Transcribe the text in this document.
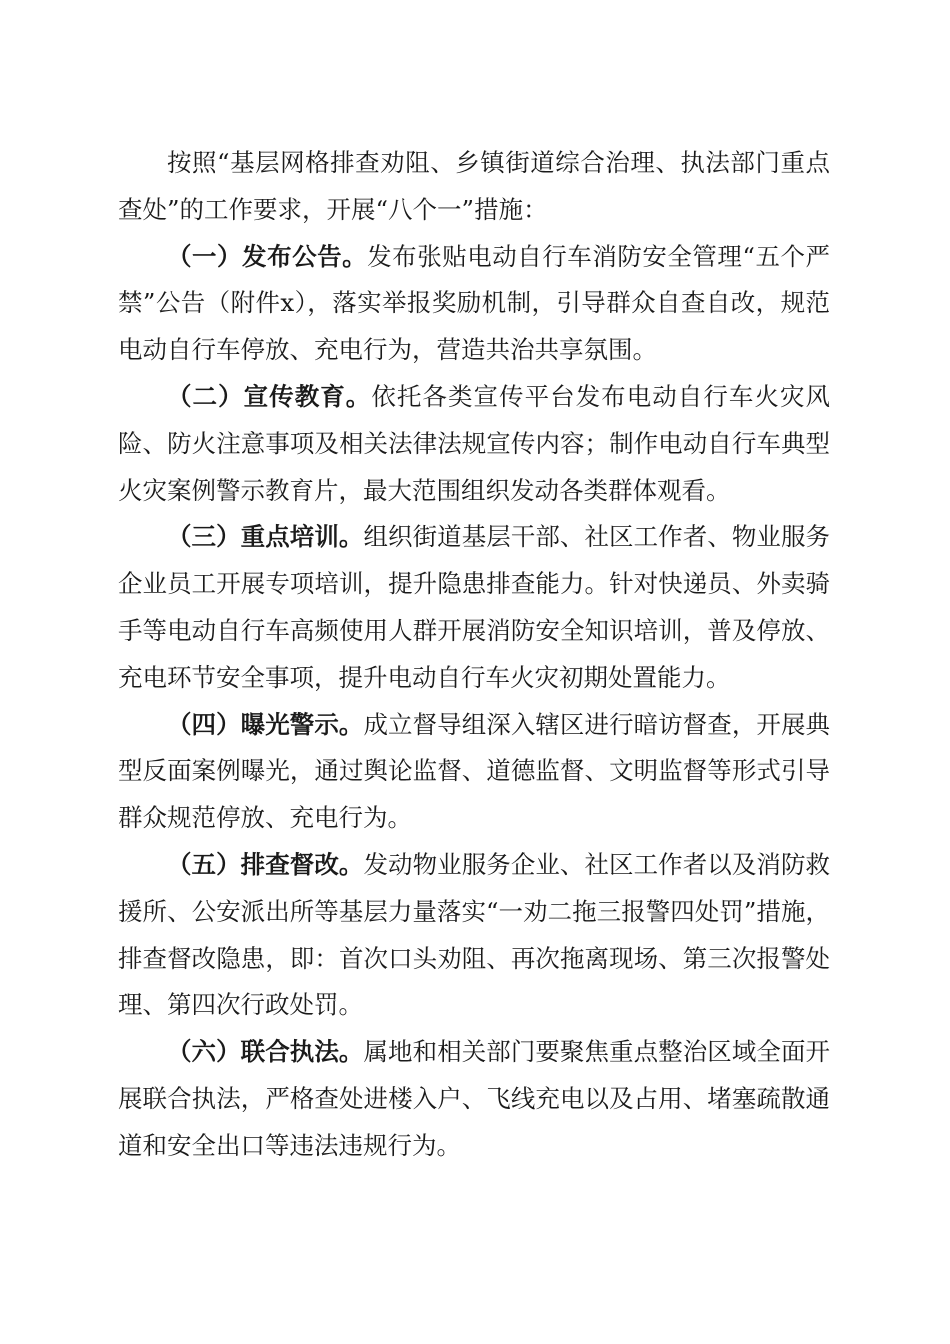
按照“基层网格排查劝阻、乡镇街道综合治理、执法部门重点查处”的工作要求，开展“八个一”措施：

（一）发布公告。发布张贴电动自行车消防安全管理“五个严禁”公告（附件x），落实举报奖励机制，引导群众自查自改，规范电动自行车停放、充电行为，营造共治共享氛围。

（二）宣传教育。依托各类宣传平台发布电动自行车火灾风险、防火注意事项及相关法律法规宣传内容；制作电动自行车典型火灾案例警示教育片，最大范围组织发动各类群体观看。

（三）重点培训。组织街道基层干部、社区工作者、物业服务企业员工开展专项培训，提升隐患排查能力。针对快递员、外卖骑手等电动自行车高频使用人群开展消防安全知识培训，普及停放、充电环节安全事项，提升电动自行车火灾初期处置能力。

（四）曝光警示。成立督导组深入辖区进行暗访督查，开展典型反面案例曝光，通过舆论监督、道德监督、文明监督等形式引导群众规范停放、充电行为。

（五）排查督改。发动物业服务企业、社区工作者以及消防救援所、公安派出所等基层力量落实“一劝二拖三报警四处罚”措施，排查督改隐患，即：首次口头劝阻、再次拖离现场、第三次报警处理、第四次行政处罚。

（六）联合执法。属地和相关部门要聚焦重点整治区域全面开展联合执法，严格查处进楼入户、飞线充电以及占用、堵塞疏散通道和安全出口等违法违规行为。
